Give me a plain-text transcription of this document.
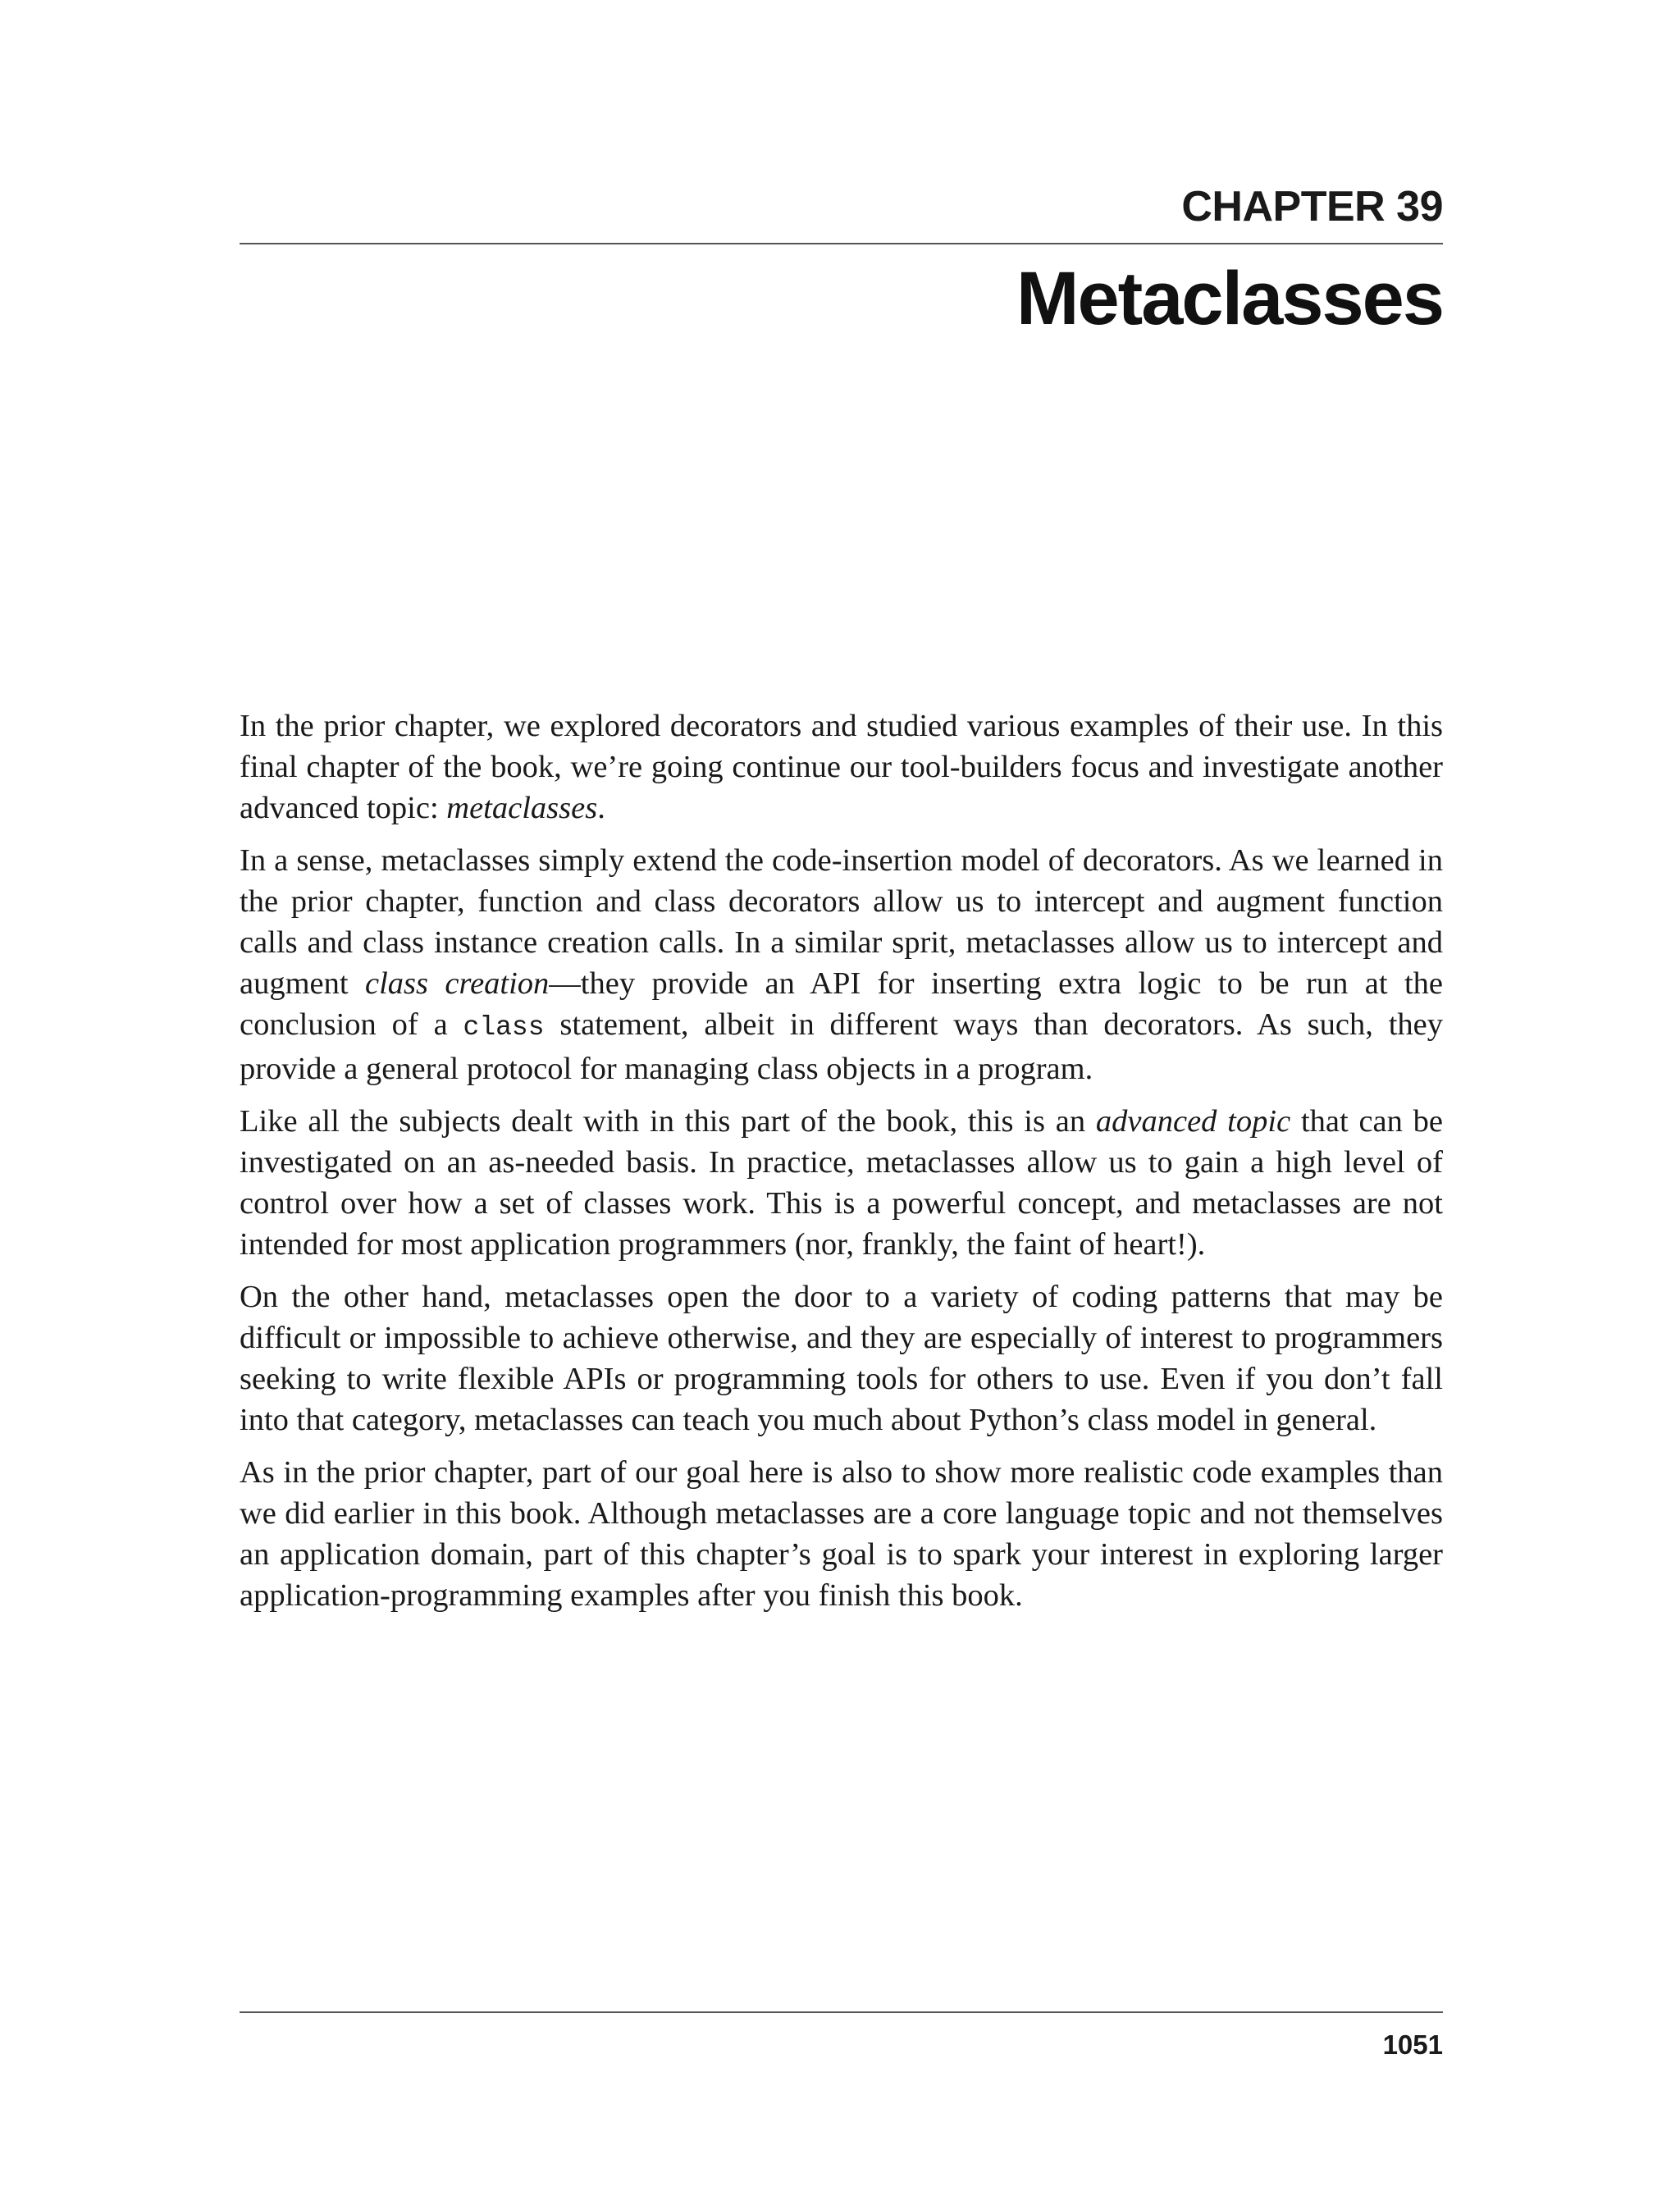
CHAPTER 39
Metaclasses

In the prior chapter, we explored decorators and studied various examples of their use. In this final chapter of the book, we’re going continue our tool-builders focus and investigate another advanced topic: metaclasses.

In a sense, metaclasses simply extend the code-insertion model of decorators. As we learned in the prior chapter, function and class decorators allow us to intercept and augment function calls and class instance creation calls. In a similar sprit, metaclasses allow us to intercept and augment class creation—they provide an API for inserting extra logic to be run at the conclusion of a class statement, albeit in different ways than decorators. As such, they provide a general protocol for managing class objects in a program.

Like all the subjects dealt with in this part of the book, this is an advanced topic that can be investigated on an as-needed basis. In practice, metaclasses allow us to gain a high level of control over how a set of classes work. This is a powerful concept, and metaclasses are not intended for most application programmers (nor, frankly, the faint of heart!).

On the other hand, metaclasses open the door to a variety of coding patterns that may be difficult or impossible to achieve otherwise, and they are especially of interest to programmers seeking to write flexible APIs or programming tools for others to use. Even if you don’t fall into that category, metaclasses can teach you much about Python’s class model in general.

As in the prior chapter, part of our goal here is also to show more realistic code examples than we did earlier in this book. Although metaclasses are a core language topic and not themselves an application domain, part of this chapter’s goal is to spark your interest in exploring larger application-programming examples after you finish this book.

1051
